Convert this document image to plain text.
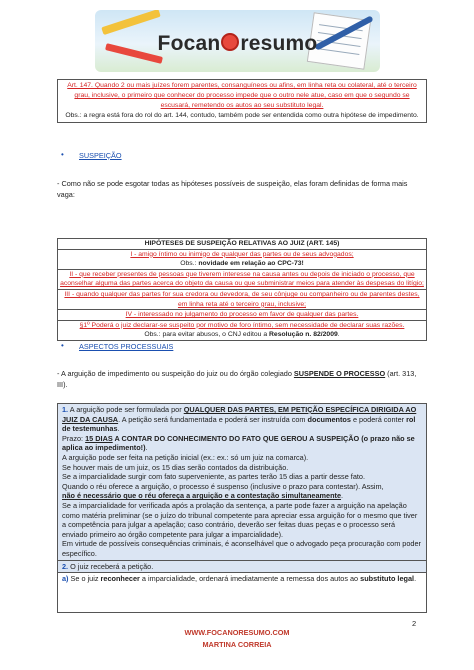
Focan resumo
Art. 147. Quando 2 ou mais juízes forem parentes, consanguíneos ou afins, em linha reta ou colateral, até o terceiro grau, inclusive, o primeiro que conhecer do processo impede que o outro nele atue, caso em que o segundo se escusará, remetendo os autos ao seu substituto legal.
Obs.: a regra está fora do rol do art. 144, contudo, também pode ser entendida como outra hipótese de impedimento.
• SUSPEIÇÃO
- Como não se pode esgotar todas as hipóteses possíveis de suspeição, elas foram definidas de forma mais vaga:
HIPÓTESES DE SUSPEIÇÃO RELATIVAS AO JUIZ (ART. 145)
I - amigo íntimo ou inimigo de qualquer das partes ou de seus advogados;
Obs.: novidade em relação ao CPC-73!
II - que receber presentes de pessoas que tiverem interesse na causa antes ou depois de iniciado o processo, que aconselhar alguma das partes acerca do objeto da causa ou que subministrar meios para atender às despesas do litígio;
III - quando qualquer das partes for sua credora ou devedora, de seu cônjuge ou companheiro ou de parentes destes, em linha reta até o terceiro grau, inclusive;
IV - interessado no julgamento do processo em favor de qualquer das partes.
§1º Poderá o juiz declarar-se suspeito por motivo de foro íntimo, sem necessidade de declarar suas razões.
Obs.: para evitar abusos, o CNJ editou a Resolução n. 82/2009.
• ASPECTOS PROCESSUAIS
- A arguição de impedimento ou suspeição do juiz ou do órgão colegiado SUSPENDE O PROCESSO (art. 313, III).
1. A arguição pode ser formulada por QUALQUER DAS PARTES, EM PETIÇÃO ESPECÍFICA DIRIGIDA AO JUIZ DA CAUSA. A petição será fundamentada e poderá ser instruída com documentos e poderá conter rol de testemunhas.
Prazo: 15 DIAS A CONTAR DO CONHECIMENTO DO FATO QUE GEROU A SUSPEIÇÃO (o prazo não se aplica ao impedimento!).
A arguição pode ser feita na petição inicial (ex.: ex.: só um juiz na comarca).
Se houver mais de um juiz, os 15 dias serão contados da distribuição.
Se a imparcialidade surgir com fato superveniente, as partes terão 15 dias a partir desse fato.
Quando o réu oferece a arguição, o processo é suspenso (inclusive o prazo para contestar). Assim,
não é necessário que o réu ofereça a arguição e a contestação simultaneamente.
Se a imparcialidade for verificada após a prolação da sentença, a parte pode fazer a arguição na apelação como matéria preliminar (se o juízo do tribunal competente para apreciar essa arguição for o mesmo que tiver a competência para julgar a apelação; caso contrário, deverão ser feitas duas peças e o processo será enviado primeiro ao órgão competente para julgar a imparcialidade).
Em virtude de possíveis consequências criminais, é aconselhável que o advogado peça procuração com poder específico.
2. O juiz receberá a petição.
a) Se o juiz reconhecer a imparcialidade, ordenará imediatamente a remessa dos autos ao substituto legal.
2
WWW.FOCANORESUMO.COM
MARTINA CORREIA
